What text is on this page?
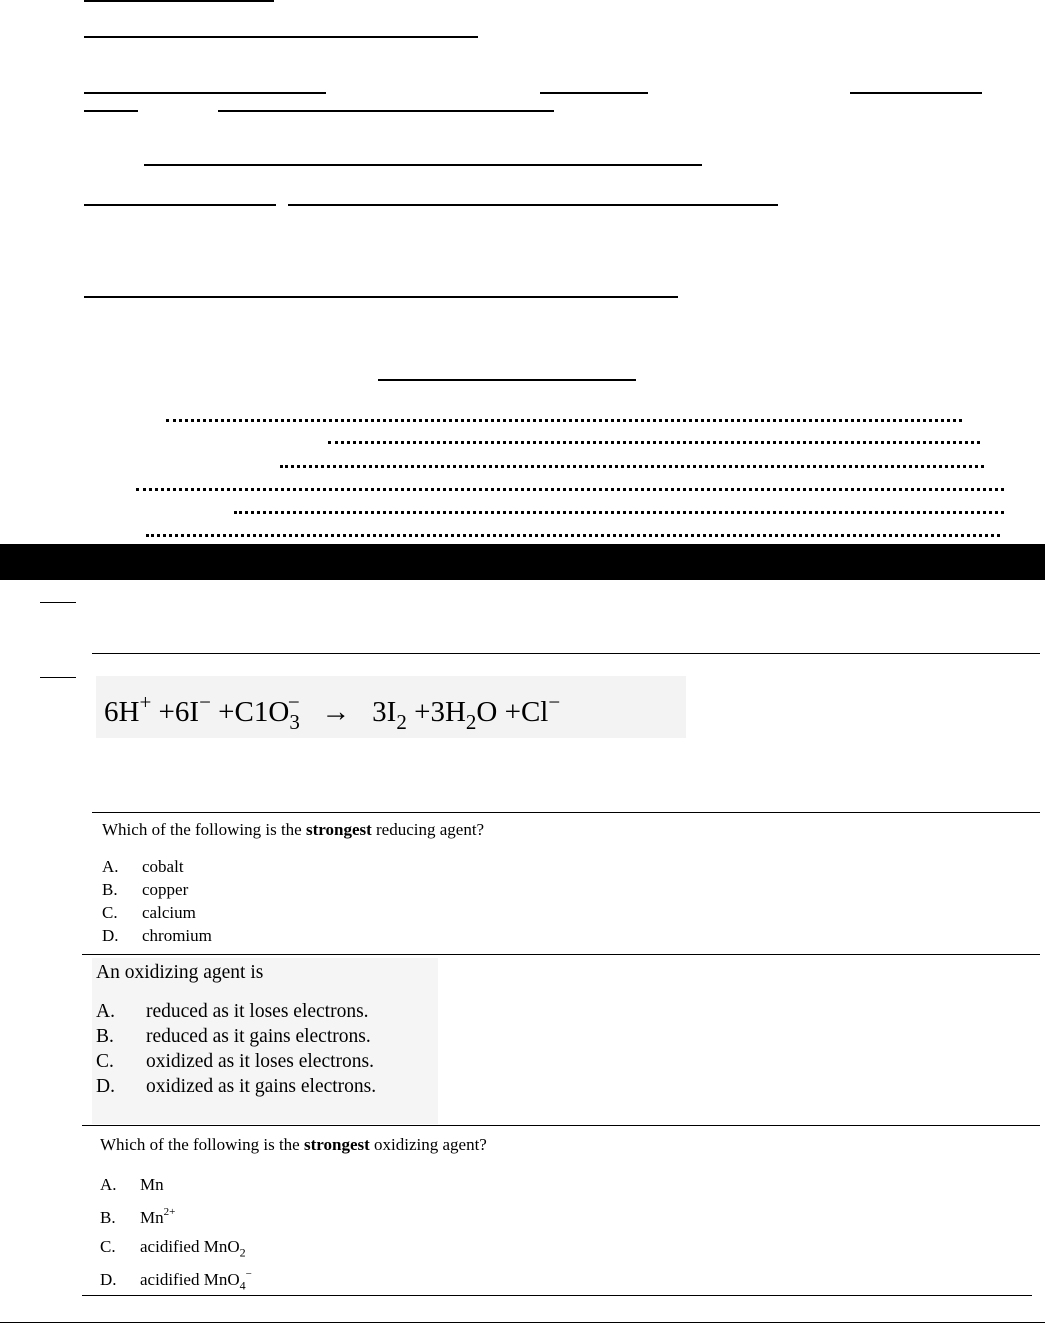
$6H^+ +6I^- +C1O_3^- \to 3I_2 +3H_2O +Cl^-$
Which of the following is the strongest reducing agent?
A. cobalt
B. copper
C. calcium
D. chromium
An oxidizing agent is
A. reduced as it loses electrons.
B. reduced as it gains electrons.
C. oxidized as it loses electrons.
D. oxidized as it gains electrons.
Which of the following is the strongest oxidizing agent?
A. Mn
B. $Mn^{2+}$
C. acidified MnO$_2$
D. acidified MnO$_4$−
